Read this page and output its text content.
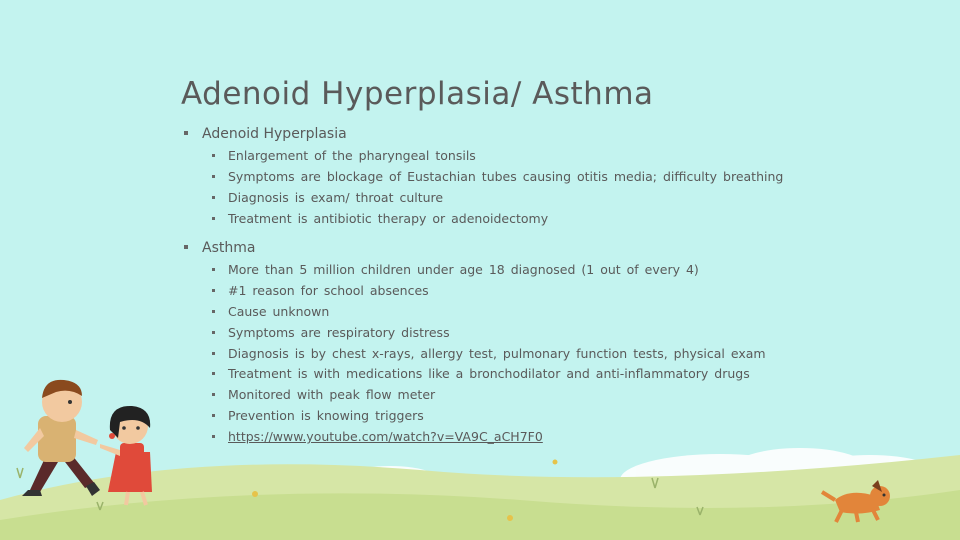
Adenoid Hyperplasia/ Asthma
Adenoid Hyperplasia
Enlargement of the pharyngeal tonsils
Symptoms are blockage of Eustachian tubes causing otitis media; difficulty breathing
Diagnosis is exam/ throat culture
Treatment is antibiotic therapy or adenoidectomy
Asthma
More than 5 million children under age 18 diagnosed (1 out of every 4)
#1 reason for school absences
Cause unknown
Symptoms are respiratory distress
Diagnosis is by chest x-rays, allergy test, pulmonary function tests, physical exam
Treatment is with medications like a bronchodilator and anti-inflammatory drugs
Monitored with peak flow meter
Prevention is knowing triggers
https://www.youtube.com/watch?v=VA9C_aCH7F0
